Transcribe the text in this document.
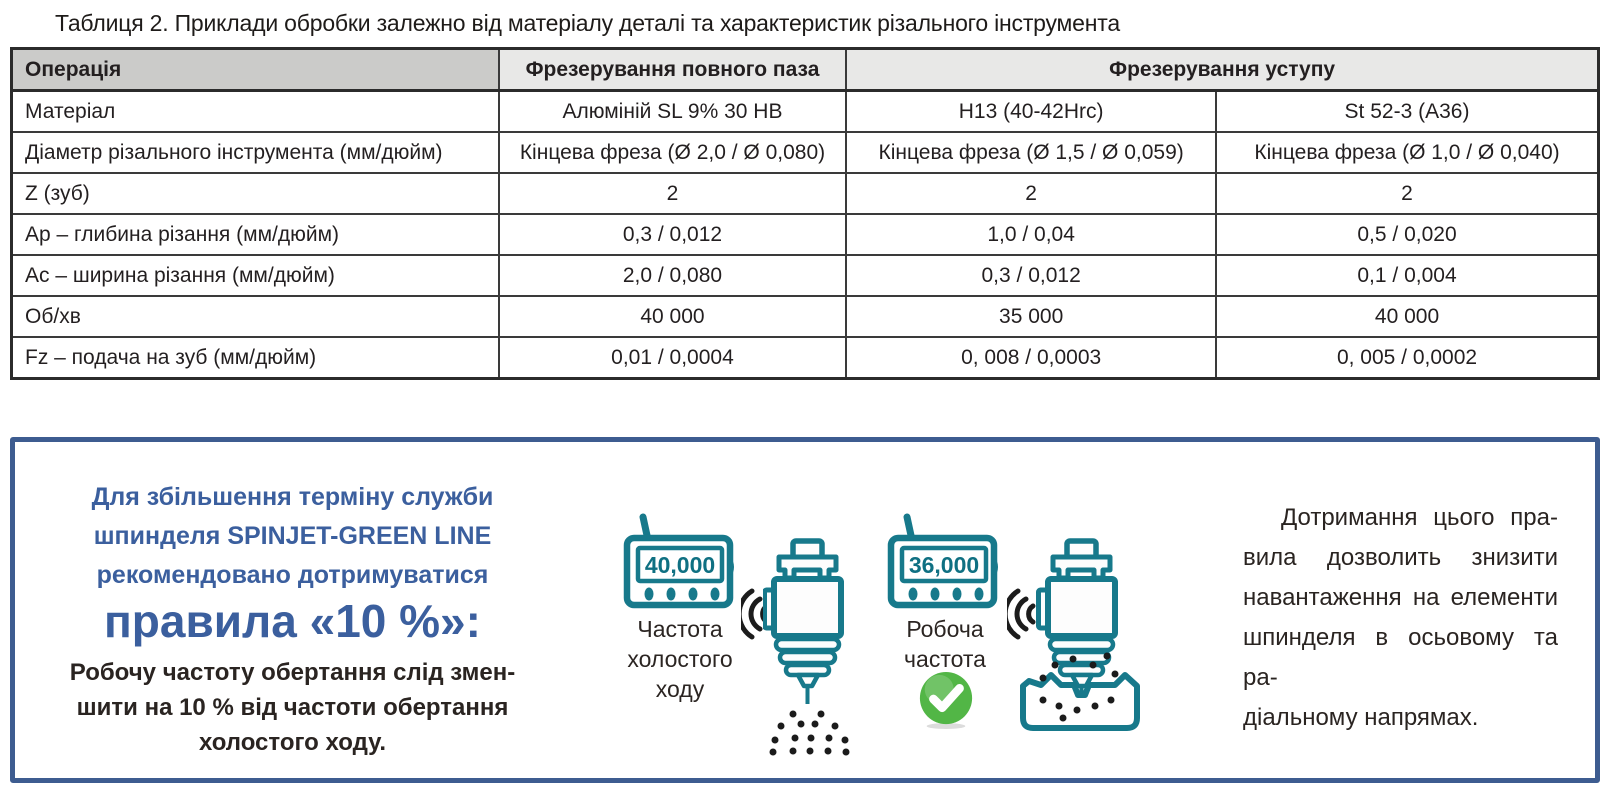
Таблиця 2. Приклади обробки залежно від матеріалу деталі та характеристик різального інструмента
Операція	Фрезерування повного паза	Фрезерування уступу	
Матеріал	Алюміній SL 9% 30 HB	H13 (40-42Hrc)	St 52-3 (A36)
Діаметр різального інструмента (мм/дюйм)	Кінцева фреза (Ø 2,0 / Ø 0,080)	Кінцева фреза (Ø 1,5 / Ø 0,059)	Кінцева фреза (Ø 1,0 / Ø 0,040)
Z (зуб)	2	2	2
Ap – глибина різання (мм/дюйм)	0,3 / 0,012	1,0 / 0,04	0,5 / 0,020
Ac – ширина різання (мм/дюйм)	2,0 / 0,080	0,3 / 0,012	0,1 / 0,004
Об/хв	40 000	35 000	40 000
Fz – подача на зуб (мм/дюйм)	0,01 / 0,0004	0, 008 / 0,0003	0, 005 / 0,0002
Для збільшення терміну служби
шпинделя SPINJET-GREEN LINE
рекомендовано дотримуватися
правила «10 %»:
Робочу частоту обертання слід змен-
шити на 10 % від частоти обертання
холостого ходу.
40,000
Частота
холостого
ходу
36,000
Робоча
частота
Дотримання цього пра-
вила дозволить знизити
навантаження на елементи
шпинделя в осьовому та ра-
діальному напрямах.
